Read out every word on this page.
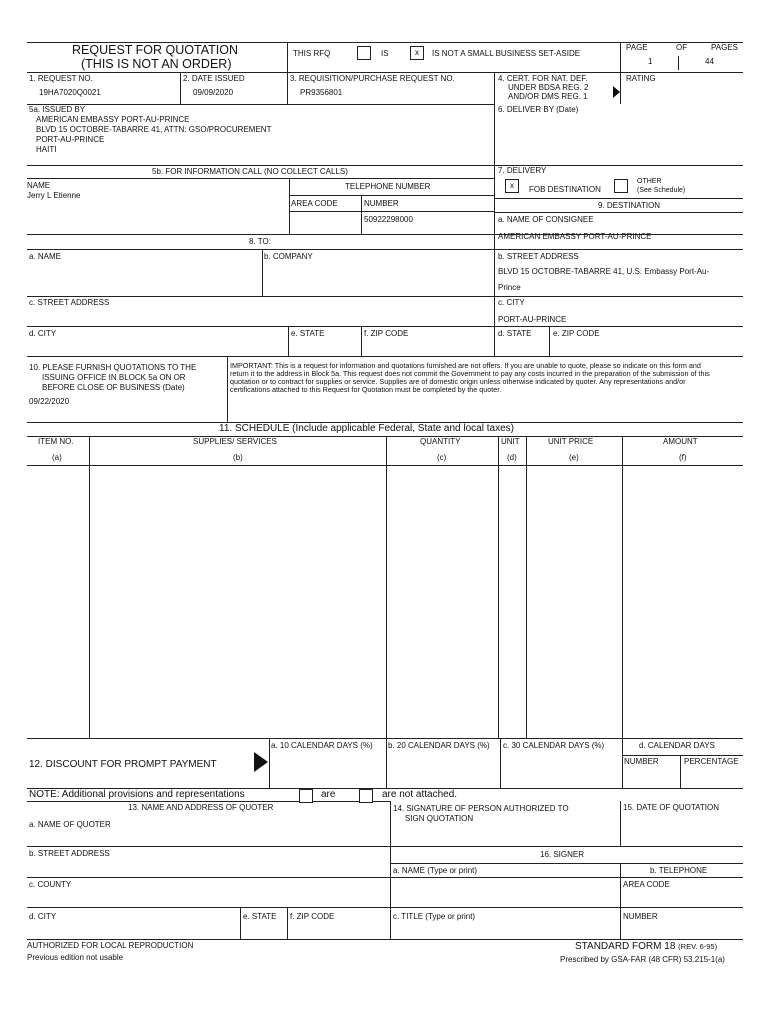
REQUEST FOR QUOTATION
(THIS IS NOT AN ORDER)
THIS RFQ	IS	x	IS NOT A SMALL BUSINESS SET-ASIDE
PAGE	OF	PAGES
1	44
1. REQUEST NO.
19HA7020Q0021
2. DATE ISSUED
09/09/2020
3. REQUISITION/PURCHASE REQUEST NO.
PR9356801
4. CERT. FOR NAT. DEF.
UNDER BDSA REG. 2
AND/OR DMS REG. 1
RATING
5a. ISSUED BY
AMERICAN EMBASSY PORT-AU-PRINCE
BLVD 15 OCTOBRE-TABARRE 41, ATTN: GSO/PROCUREMENT
PORT-AU-PRINCE
HAITI
6. DELIVER BY (Date)
5b. FOR INFORMATION CALL (NO COLLECT CALLS)
NAME
Jerry L Etienne
TELEPHONE NUMBER
AREA CODE	NUMBER
50922298000
7. DELIVERY
x	FOB DESTINATION
OTHER
(See Schedule)
9. DESTINATION
a. NAME OF CONSIGNEE
AMERICAN EMBASSY PORT-AU-PRINCE
b. STREET ADDRESS
BLVD 15 OCTOBRE-TABARRE 41, U.S. Embassy Port-Au-
Prince
c. CITY
PORT-AU-PRINCE
d. STATE	e. ZIP CODE
8. TO:
a. NAME	b. COMPANY
c. STREET ADDRESS
d. CITY	e. STATE	f. ZIP CODE
10. PLEASE FURNISH QUOTATIONS TO THE
ISSUING OFFICE IN BLOCK 5a ON OR
BEFORE CLOSE OF BUSINESS (Date)
09/22/2020
IMPORTANT: This is a request for information and quotations furnished are not offers. If you are unable to quote, please so indicate on this form and return it to the address in Block 5a. This request does not commit the Government to pay any costs incurred in the preparation of the submission of this quotation or to contract for supplies or service. Supplies are of domestic origin unless otherwise indicated by quoter. Any representations and/or certifications attached to this Request for Quotation must be completed by the quoter.
11. SCHEDULE (Include applicable Federal, State and local taxes)
ITEM NO.
(a)
SUPPLIES/ SERVICES
(b)
QUANTITY
(c)
UNIT
(d)
UNIT PRICE
(e)
AMOUNT
(f)
12. DISCOUNT FOR PROMPT PAYMENT
a. 10 CALENDAR DAYS (%) b. 20 CALENDAR DAYS (%) c. 30 CALENDAR DAYS (%)	d. CALENDAR DAYS
NUMBER	PERCENTAGE
NOTE: Additional provisions and representations	are	are not attached.
13. NAME AND ADDRESS OF QUOTER
a. NAME OF QUOTER
14. SIGNATURE OF PERSON AUTHORIZED TO
SIGN QUOTATION
15. DATE OF QUOTATION
b. STREET ADDRESS	16. SIGNER
a. NAME (Type or print)	b. TELEPHONE
AREA CODE
c. COUNTY
d. CITY	e. STATE f. ZIP CODE	c. TITLE (Type or print)	NUMBER
AUTHORIZED FOR LOCAL REPRODUCTION
Previous edition not usable
STANDARD FORM 18 (REV. 6-95)
Prescribed by GSA-FAR (48 CFR) 53.215-1(a)
